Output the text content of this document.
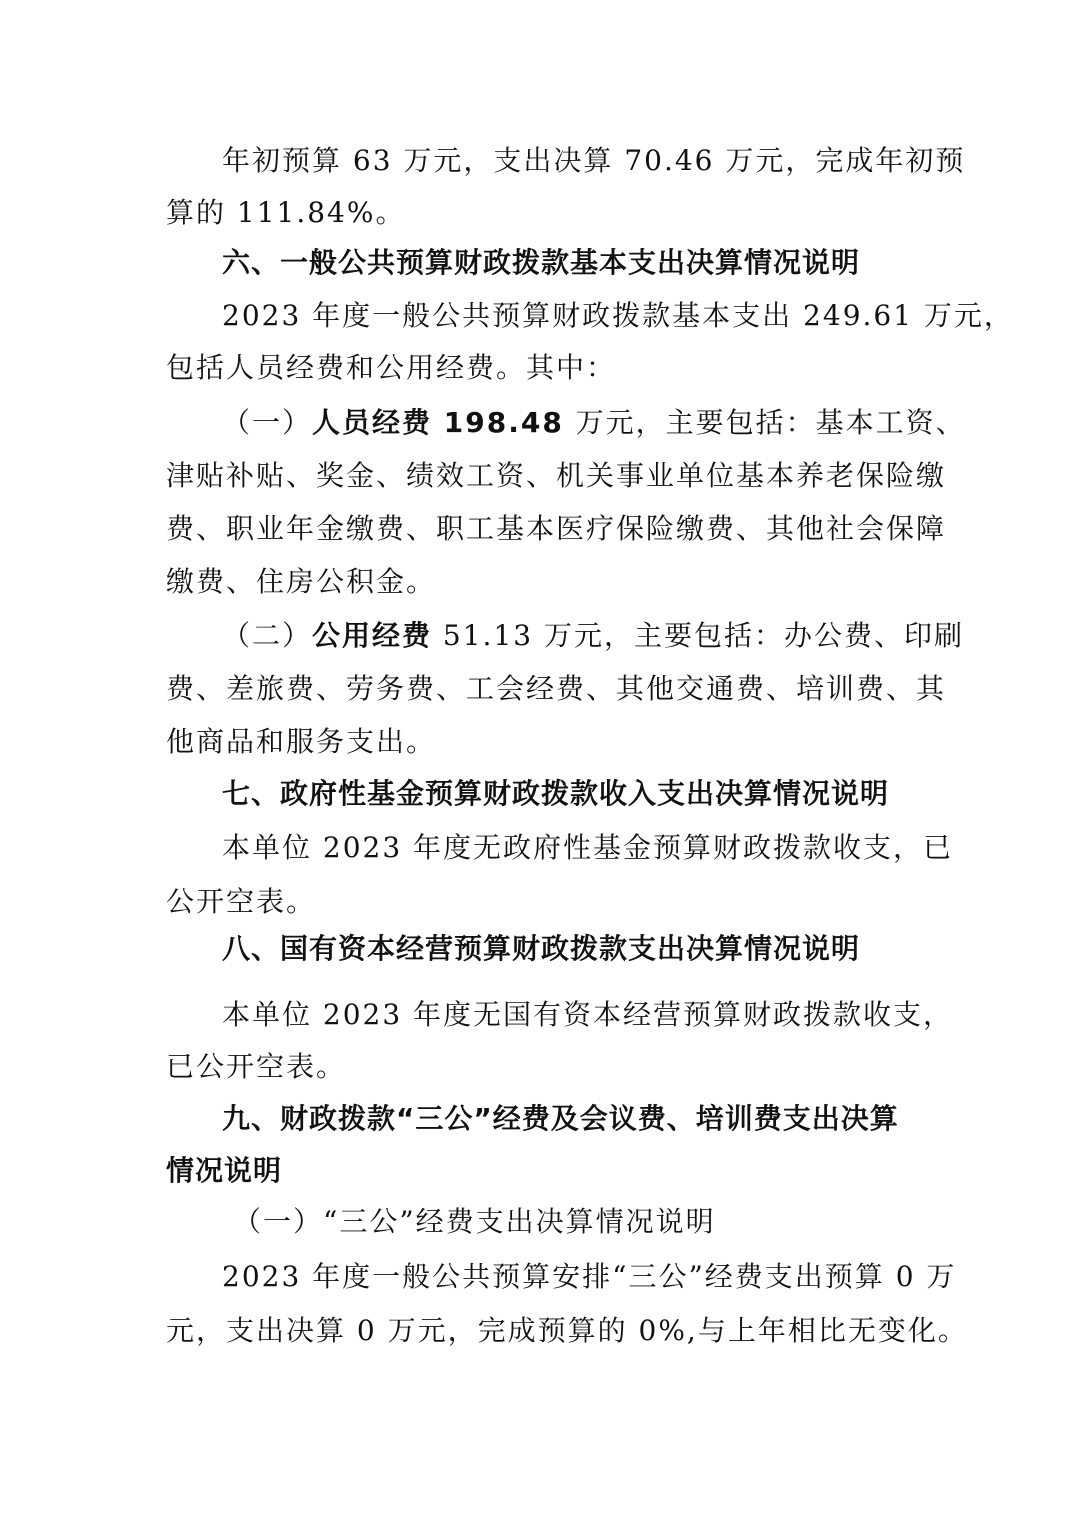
年初预算 63 万元，支出决算 70.46 万元，完成年初预
算的 111.84%。
六、一般公共预算财政拨款基本支出决算情况说明
2023 年度一般公共预算财政拨款基本支出 249.61 万元，
包括人员经费和公用经费。其中：
（一）人员经费 198.48 万元，主要包括：基本工资、
津贴补贴、奖金、绩效工资、机关事业单位基本养老保险缴
费、职业年金缴费、职工基本医疗保险缴费、其他社会保障
缴费、住房公积金。
（二）公用经费 51.13 万元，主要包括：办公费、印刷
费、差旅费、劳务费、工会经费、其他交通费、培训费、其
他商品和服务支出。
七、政府性基金预算财政拨款收入支出决算情况说明
本单位 2023 年度无政府性基金预算财政拨款收支，已
公开空表。
八、国有资本经营预算财政拨款支出决算情况说明
本单位 2023 年度无国有资本经营预算财政拨款收支，
已公开空表。
九、财政拨款“三公”经费及会议费、培训费支出决算
情况说明
（一）“三公”经费支出决算情况说明
2023 年度一般公共预算安排“三公”经费支出预算 0 万
元，支出决算 0 万元，完成预算的 0%,与上年相比无变化。
